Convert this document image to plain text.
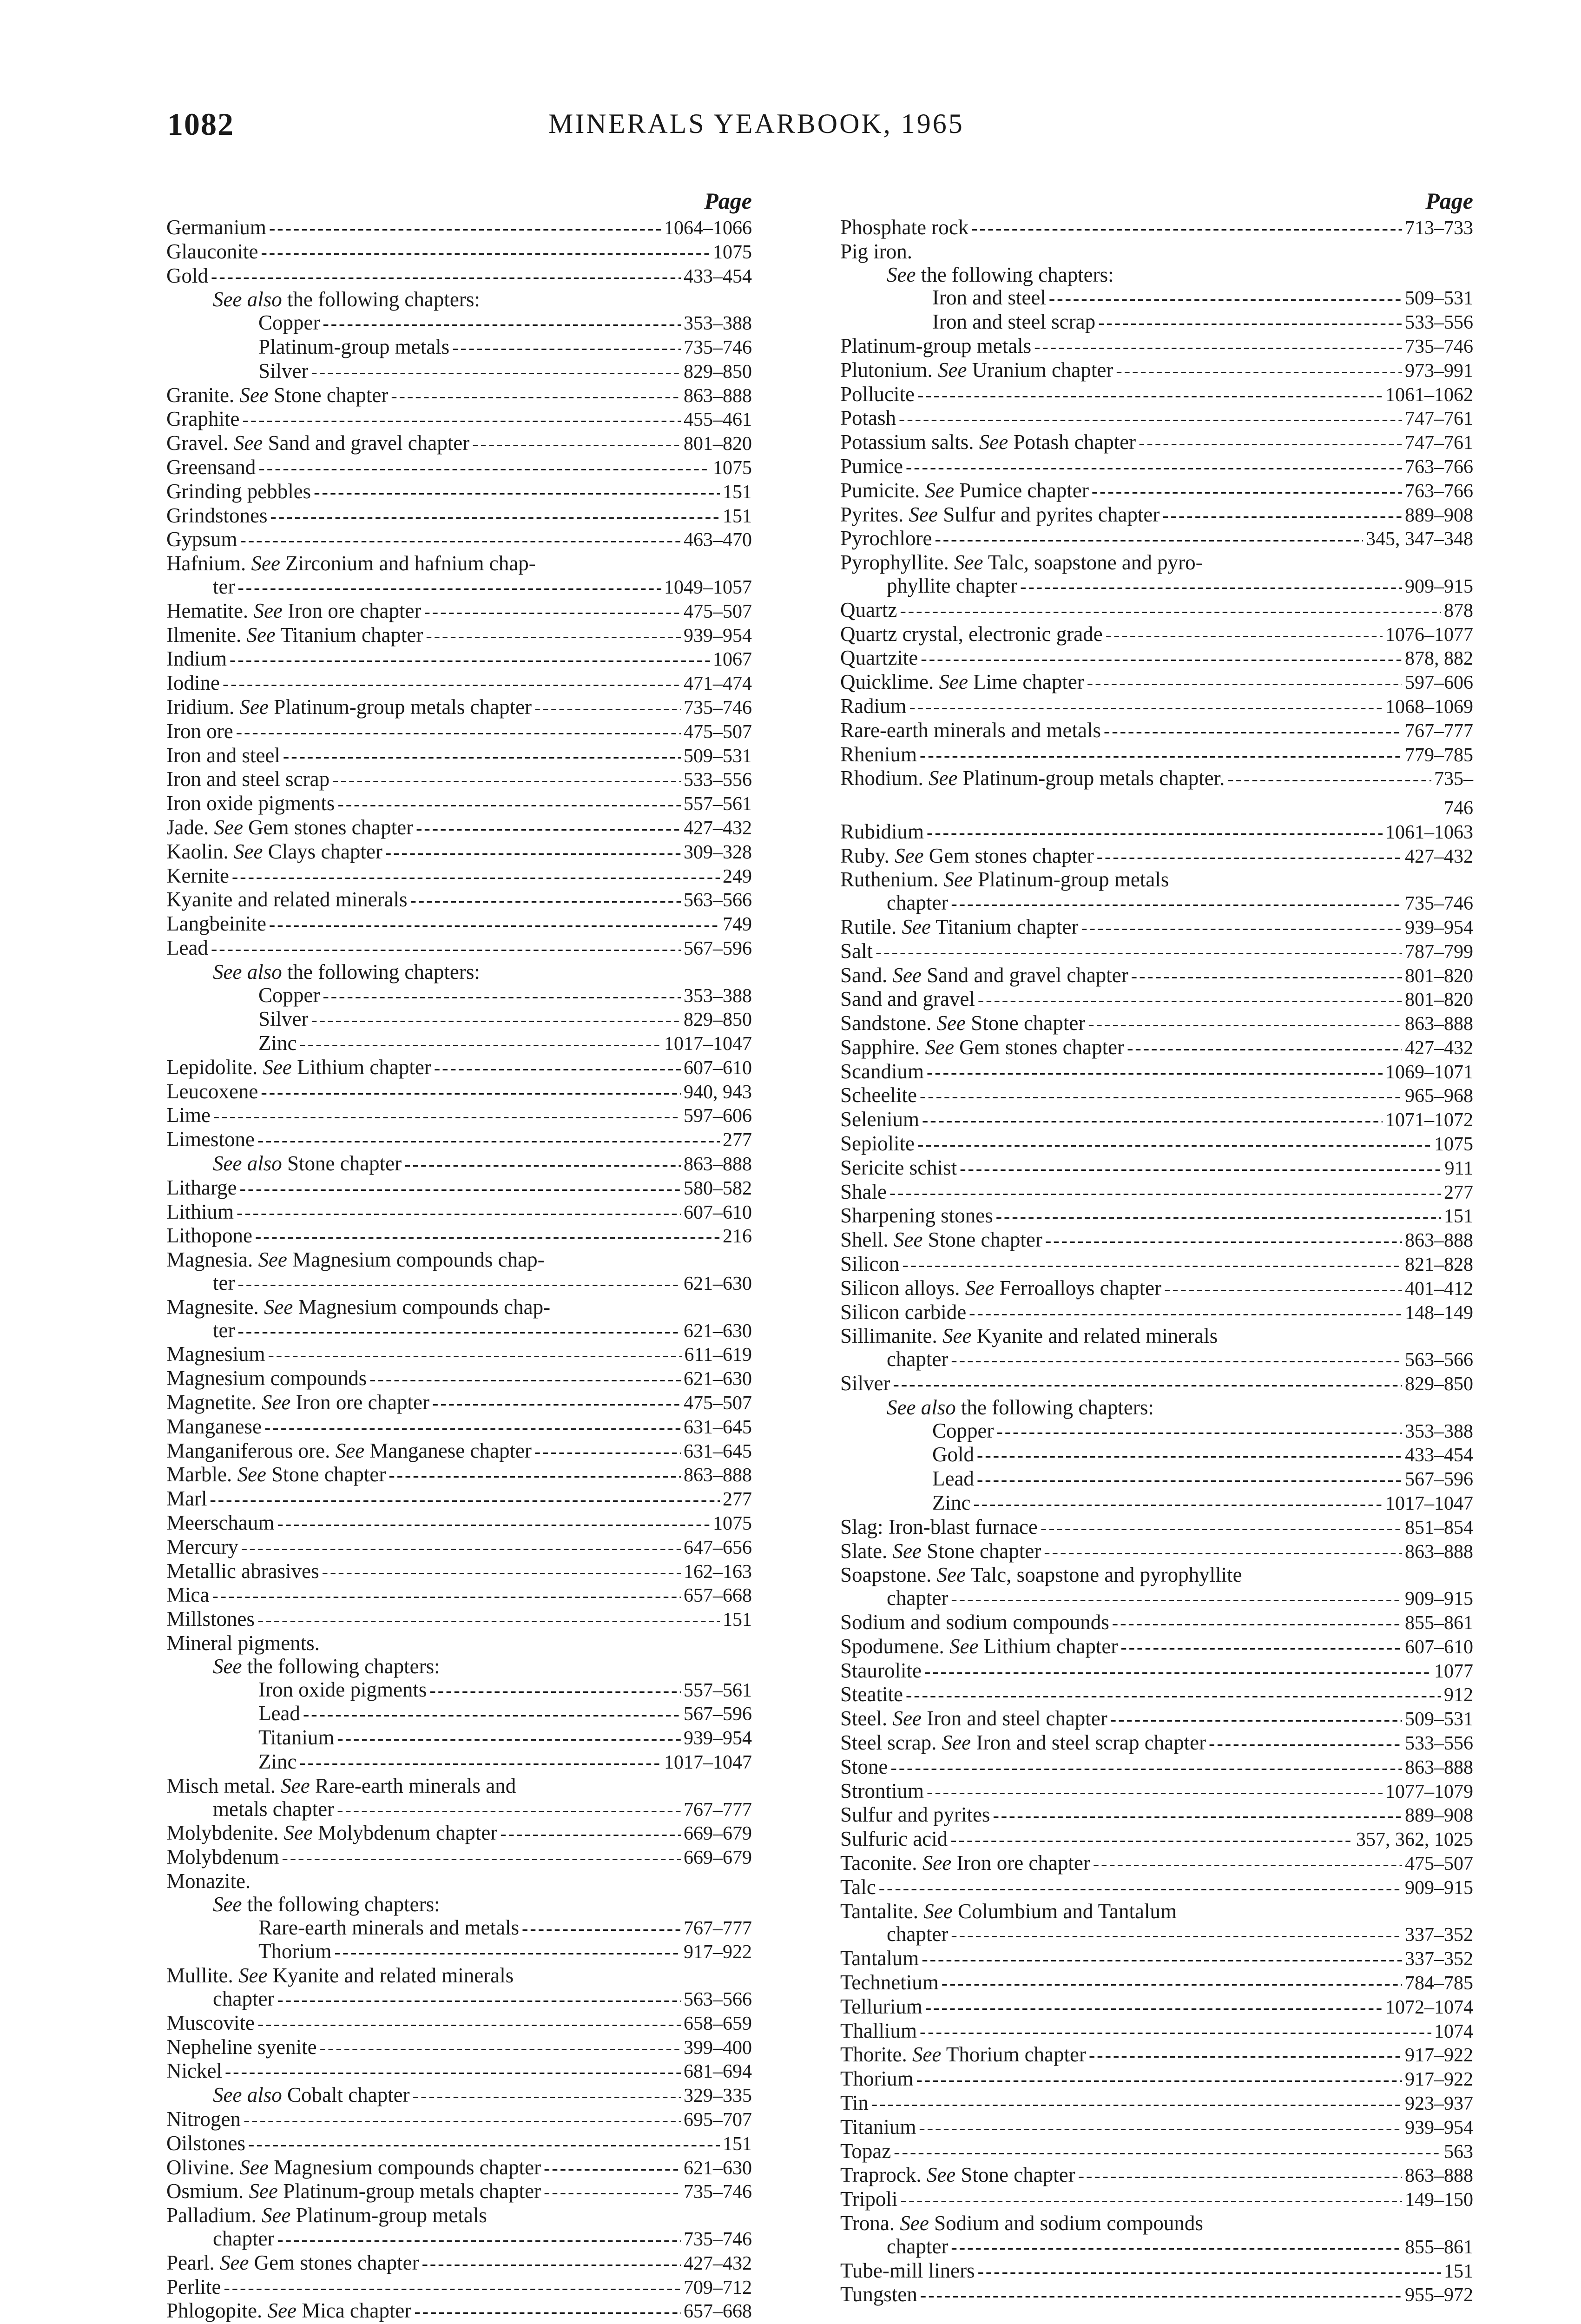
1082	MINERALS YEARBOOK, 1965
Page
Germanium - - -	1064–1066
Glauconite - - -	1075
Gold - - -	433–454
See also the following chapters:
Copper - - -	353–388
Platinum-group metals - - -	735–746
Silver - - -	829–850
Granite. See Stone chapter - - -	863–888
Graphite - - -	455–461
Gravel. See Sand and gravel chapter - - -	801–820
Greensand - - -	1075
Grinding pebbles - - -	151
Grindstones - - -	151
Gypsum - - -	463–470
Hafnium. See Zirconium and hafnium chap-
ter - - -	1049–1057
Hematite. See Iron ore chapter - - -	475–507
Ilmenite. See Titanium chapter - - -	939–954
Indium - - -	1067
Iodine - - -	471–474
Iridium. See Platinum-group metals chapter - - -	735–746
Iron ore - - -	475–507
Iron and steel - - -	509–531
Iron and steel scrap - - -	533–556
Iron oxide pigments - - -	557–561
Jade. See Gem stones chapter - - -	427–432
Kaolin. See Clays chapter - - -	309–328
Kernite - - -	249
Kyanite and related minerals - - -	563–566
Langbeinite - - -	749
Lead - - -	567–596
See also the following chapters:
Copper - - -	353–388
Silver - - -	829–850
Zinc - - -	1017–1047
Lepidolite. See Lithium chapter - - -	607–610
Leucoxene - - -	940, 943
Lime - - -	597–606
Limestone - - -	277
See also Stone chapter - - -	863–888
Litharge - - -	580–582
Lithium - - -	607–610
Lithopone - - -	216
Magnesia. See Magnesium compounds chap-
ter - - -	621–630
Magnesite. See Magnesium compounds chap-
ter - - -	621–630
Magnesium - - -	611–619
Magnesium compounds - - -	621–630
Magnetite. See Iron ore chapter - - -	475–507
Manganese - - -	631–645
Manganiferous ore. See Manganese chapter - - -	631–645
Marble. See Stone chapter - - -	863–888
Marl - - -	277
Meerschaum - - -	1075
Mercury - - -	647–656
Metallic abrasives - - -	162–163
Mica - - -	657–668
Millstones - - -	151
Mineral pigments.
See the following chapters:
Iron oxide pigments - - -	557–561
Lead - - -	567–596
Titanium - - -	939–954
Zinc - - -	1017–1047
Misch metal. See Rare-earth minerals and
metals chapter - - -	767–777
Molybdenite. See Molybdenum chapter - - -	669–679
Molybdenum - - -	669–679
Monazite.
See the following chapters:
Rare-earth minerals and metals - - -	767–777
Thorium - - -	917–922
Mullite. See Kyanite and related minerals
chapter - - -	563–566
Muscovite - - -	658–659
Nepheline syenite - - -	399–400
Nickel - - -	681–694
See also Cobalt chapter - - -	329–335
Nitrogen - - -	695–707
Oilstones - - -	151
Olivine. See Magnesium compounds chapter - - -	621–630
Osmium. See Platinum-group metals chapter - - -	735–746
Palladium. See Platinum-group metals
chapter - - -	735–746
Pearl. See Gem stones chapter - - -	427–432
Perlite - - -	709–712
Phlogopite. See Mica chapter - - -	657–668
Page
Phosphate rock - - -	713–733
Pig iron.
See the following chapters:
Iron and steel - - -	509–531
Iron and steel scrap - - -	533–556
Platinum-group metals - - -	735–746
Plutonium. See Uranium chapter - - -	973–991
Pollucite - - -	1061–1062
Potash - - -	747–761
Potassium salts. See Potash chapter - - -	747–761
Pumice - - -	763–766
Pumicite. See Pumice chapter - - -	763–766
Pyrites. See Sulfur and pyrites chapter - - -	889–908
Pyrochlore - - -	345, 347–348
Pyrophyllite. See Talc, soapstone and pyro-
phyllite chapter - - -	909–915
Quartz - - -	878
Quartz crystal, electronic grade - - -	1076–1077
Quartzite - - -	878, 882
Quicklime. See Lime chapter - - -	597–606
Radium - - -	1068–1069
Rare-earth minerals and metals - - -	767–777
Rhenium - - -	779–785
Rhodium. See Platinum-group metals chapter. - - -	735–
746
Rubidium - - -	1061–1063
Ruby. See Gem stones chapter - - -	427–432
Ruthenium. See Platinum-group metals
chapter - - -	735–746
Rutile. See Titanium chapter - - -	939–954
Salt - - -	787–799
Sand. See Sand and gravel chapter - - -	801–820
Sand and gravel - - -	801–820
Sandstone. See Stone chapter - - -	863–888
Sapphire. See Gem stones chapter - - -	427–432
Scandium - - -	1069–1071
Scheelite - - -	965–968
Selenium - - -	1071–1072
Sepiolite - - -	1075
Sericite schist - - -	911
Shale - - -	277
Sharpening stones - - -	151
Shell. See Stone chapter - - -	863–888
Silicon - - -	821–828
Silicon alloys. See Ferroalloys chapter - - -	401–412
Silicon carbide - - -	148–149
Sillimanite. See Kyanite and related minerals
chapter - - -	563–566
Silver - - -	829–850
See also the following chapters:
Copper - - -	353–388
Gold - - -	433–454
Lead - - -	567–596
Zinc - - -	1017–1047
Slag: Iron-blast furnace - - -	851–854
Slate. See Stone chapter - - -	863–888
Soapstone. See Talc, soapstone and pyrophyllite
chapter - - -	909–915
Sodium and sodium compounds - - -	855–861
Spodumene. See Lithium chapter - - -	607–610
Staurolite - - -	1077
Steatite - - -	912
Steel. See Iron and steel chapter - - -	509–531
Steel scrap. See Iron and steel scrap chapter - - -	533–556
Stone - - -	863–888
Strontium - - -	1077–1079
Sulfur and pyrites - - -	889–908
Sulfuric acid - - -	357, 362, 1025
Taconite. See Iron ore chapter - - -	475–507
Talc - - -	909–915
Tantalite. See Columbium and Tantalum
chapter - - -	337–352
Tantalum - - -	337–352
Technetium - - -	784–785
Tellurium - - -	1072–1074
Thallium - - -	1074
Thorite. See Thorium chapter - - -	917–922
Thorium - - -	917–922
Tin - - -	923–937
Titanium - - -	939–954
Topaz - - -	563
Traprock. See Stone chapter - - -	863–888
Tripoli - - -	149–150
Trona. See Sodium and sodium compounds
chapter - - -	855–861
Tube-mill liners - - -	151
Tungsten - - -	955–972
